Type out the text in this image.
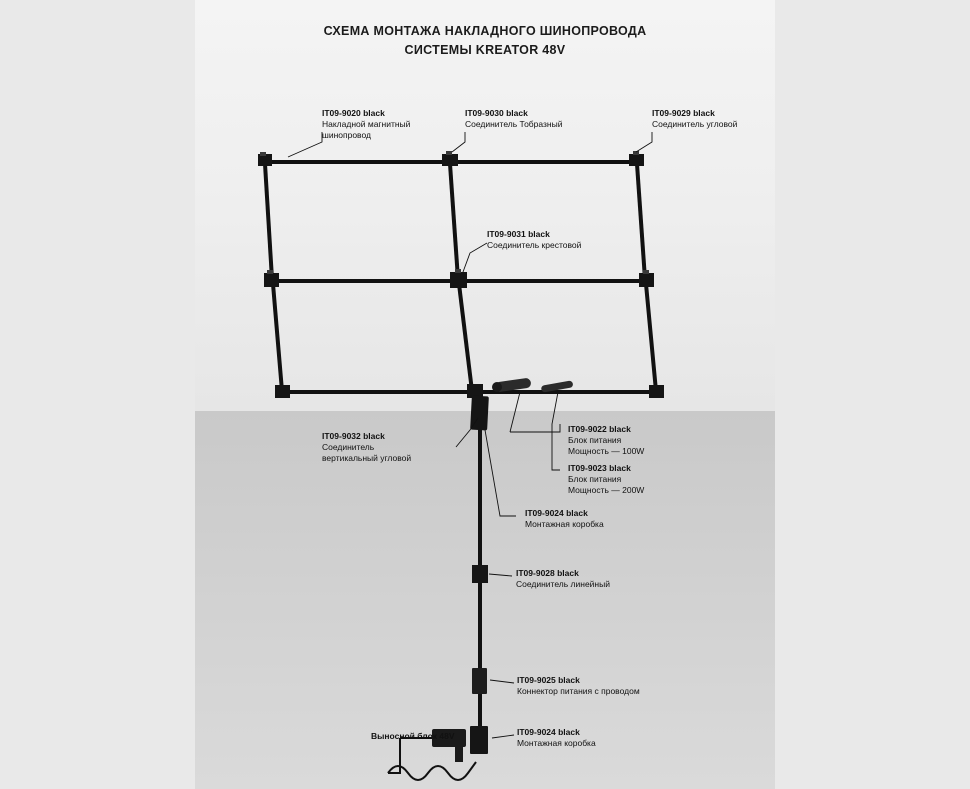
СХЕМА МОНТАЖА НАКЛАДНОГО ШИНОПРОВОДА
СИСТЕМЫ KREATOR 48V
IT09-9020 black
Накладной магнитный
шинопровод
IT09-9030 black
Соединитель Тобразный
IT09-9029 black
Соединитель угловой
IT09-9031 black
Соединитель крестовой
IT09-9022 black
Блок питания
Мощность — 100W
IT09-9023 black
Блок питания
Мощность — 200W
IT09-9032 black
Соединитель
вертикальный угловой
IT09-9024 black
Монтажная коробка
IT09-9028 black
Соединитель линейный
IT09-9025 black
Коннектор питания с проводом
IT09-9024 black
Монтажная коробка
Выносной блок 48V
